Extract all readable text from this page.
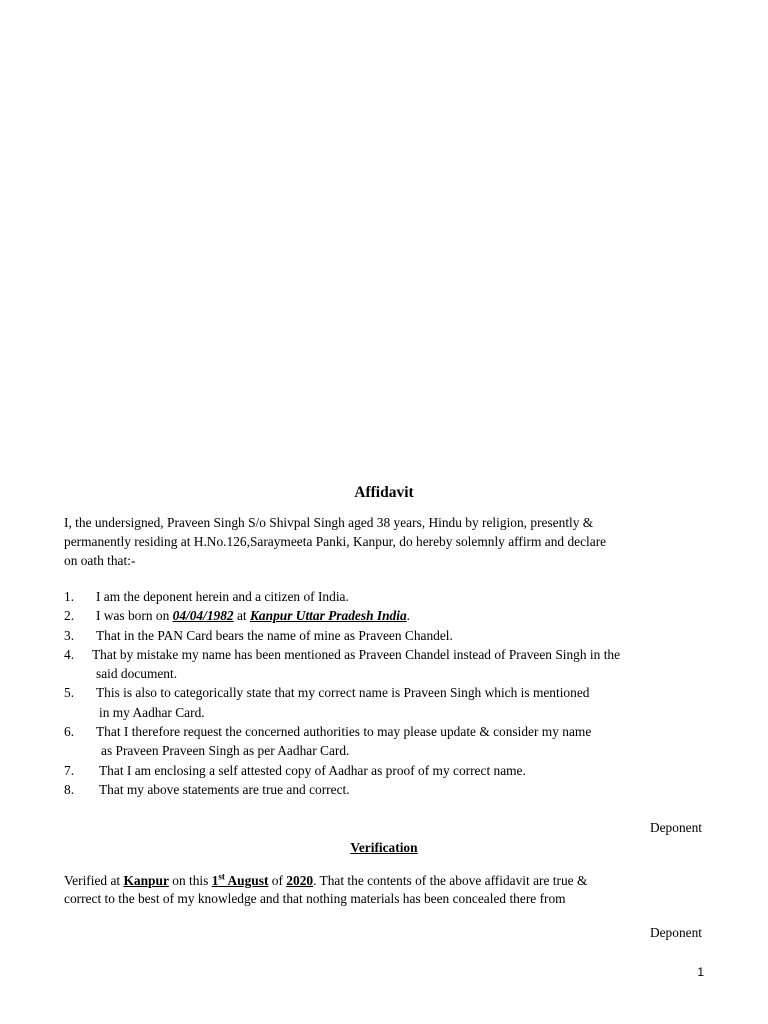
Affidavit
I, the undersigned, Praveen Singh S/o Shivpal Singh aged 38 years, Hindu by religion, presently &
permanently residing at H.No.126,Saraymeeta Panki, Kanpur, do hereby solemnly affirm and declare
on oath that:-
1. I am the deponent herein and a citizen of India.
2. I was born on 04/04/1982 at Kanpur Uttar Pradesh India.
3. That in the PAN Card bears the name of mine as Praveen Chandel.
4. That by mistake my name has been mentioned as Praveen Chandel instead of Praveen Singh in the
said document.
5. This is also to categorically state that my correct name is Praveen Singh which is mentioned
in my Aadhar Card.
6. That I therefore request the concerned authorities to may please update & consider my name
as Praveen Praveen Singh as per Aadhar Card.
7. That I am enclosing a self attested copy of Aadhar as proof of my correct name.
8. That my above statements are true and correct.
Deponent
Verification
Verified at Kanpur on this 1st August of 2020. That the contents of the above affidavit are true &
correct to the best of my knowledge and that nothing materials has been concealed there from
Deponent
1
